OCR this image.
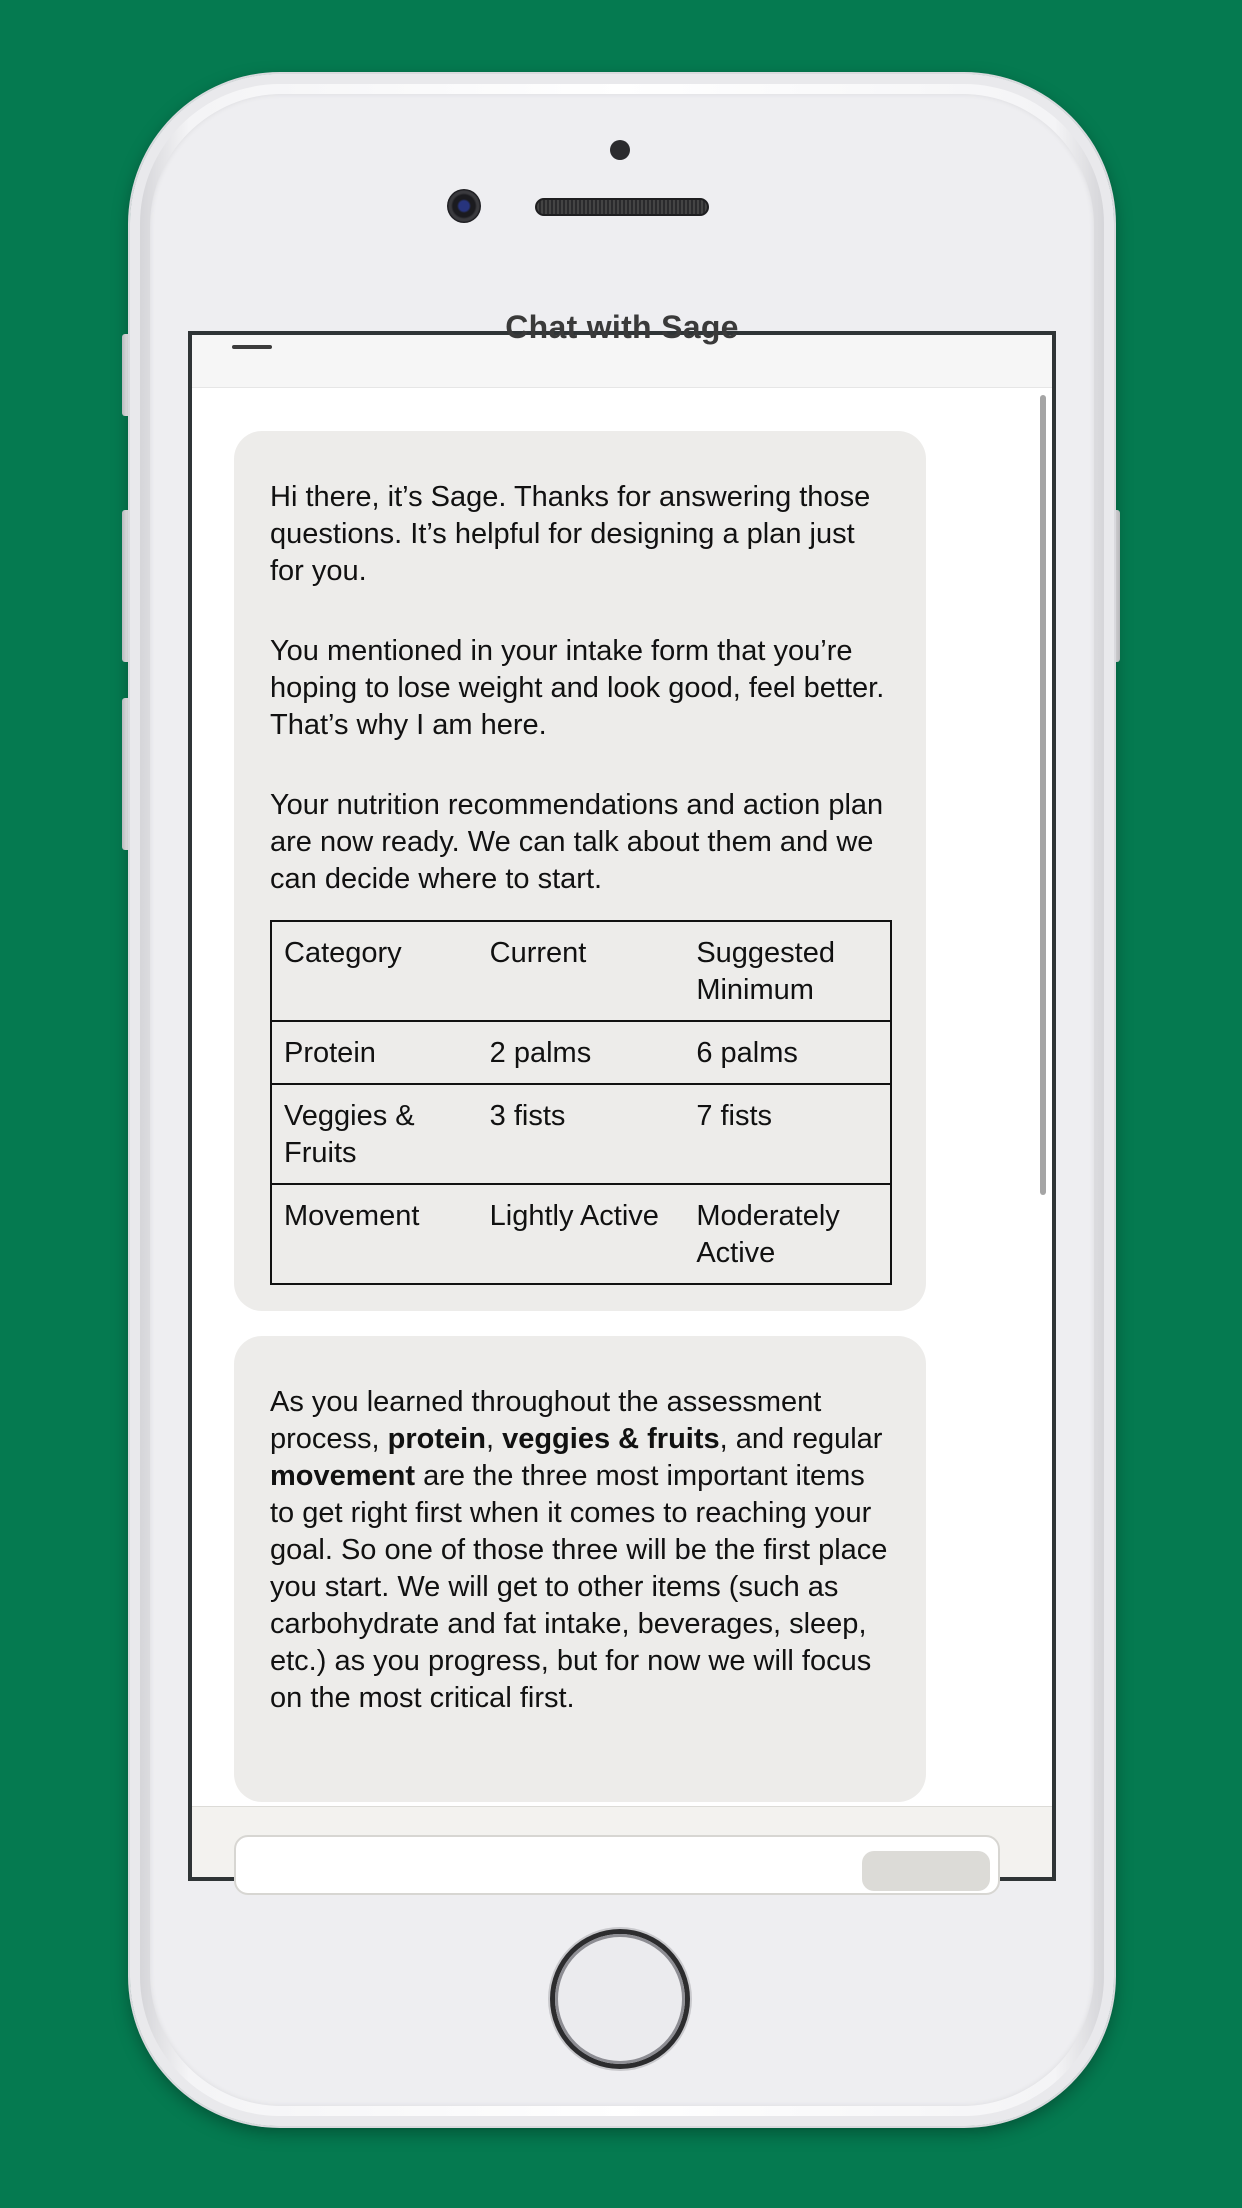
Chat with Sage

Hi there, it’s Sage. Thanks for answering those questions. It’s helpful for designing a plan just for you.

You mentioned in your intake form that you’re hoping to lose weight and look good, feel better. That’s why I am here.

Your nutrition recommendations and action plan are now ready. We can talk about them and we can decide where to start.

Category	Current	Suggested Minimum
Protein	2 palms	6 palms
Veggies & Fruits	3 fists	7 fists
Movement	Lightly Active	Moderately Active

As you learned throughout the assessment process, protein, veggies & fruits, and regular movement are the three most important items to get right first when it comes to reaching your goal. So one of those three will be the first place you start. We will get to other items (such as carbohydrate and fat intake, beverages, sleep, etc.) as you progress, but for now we will focus on the most critical first.
